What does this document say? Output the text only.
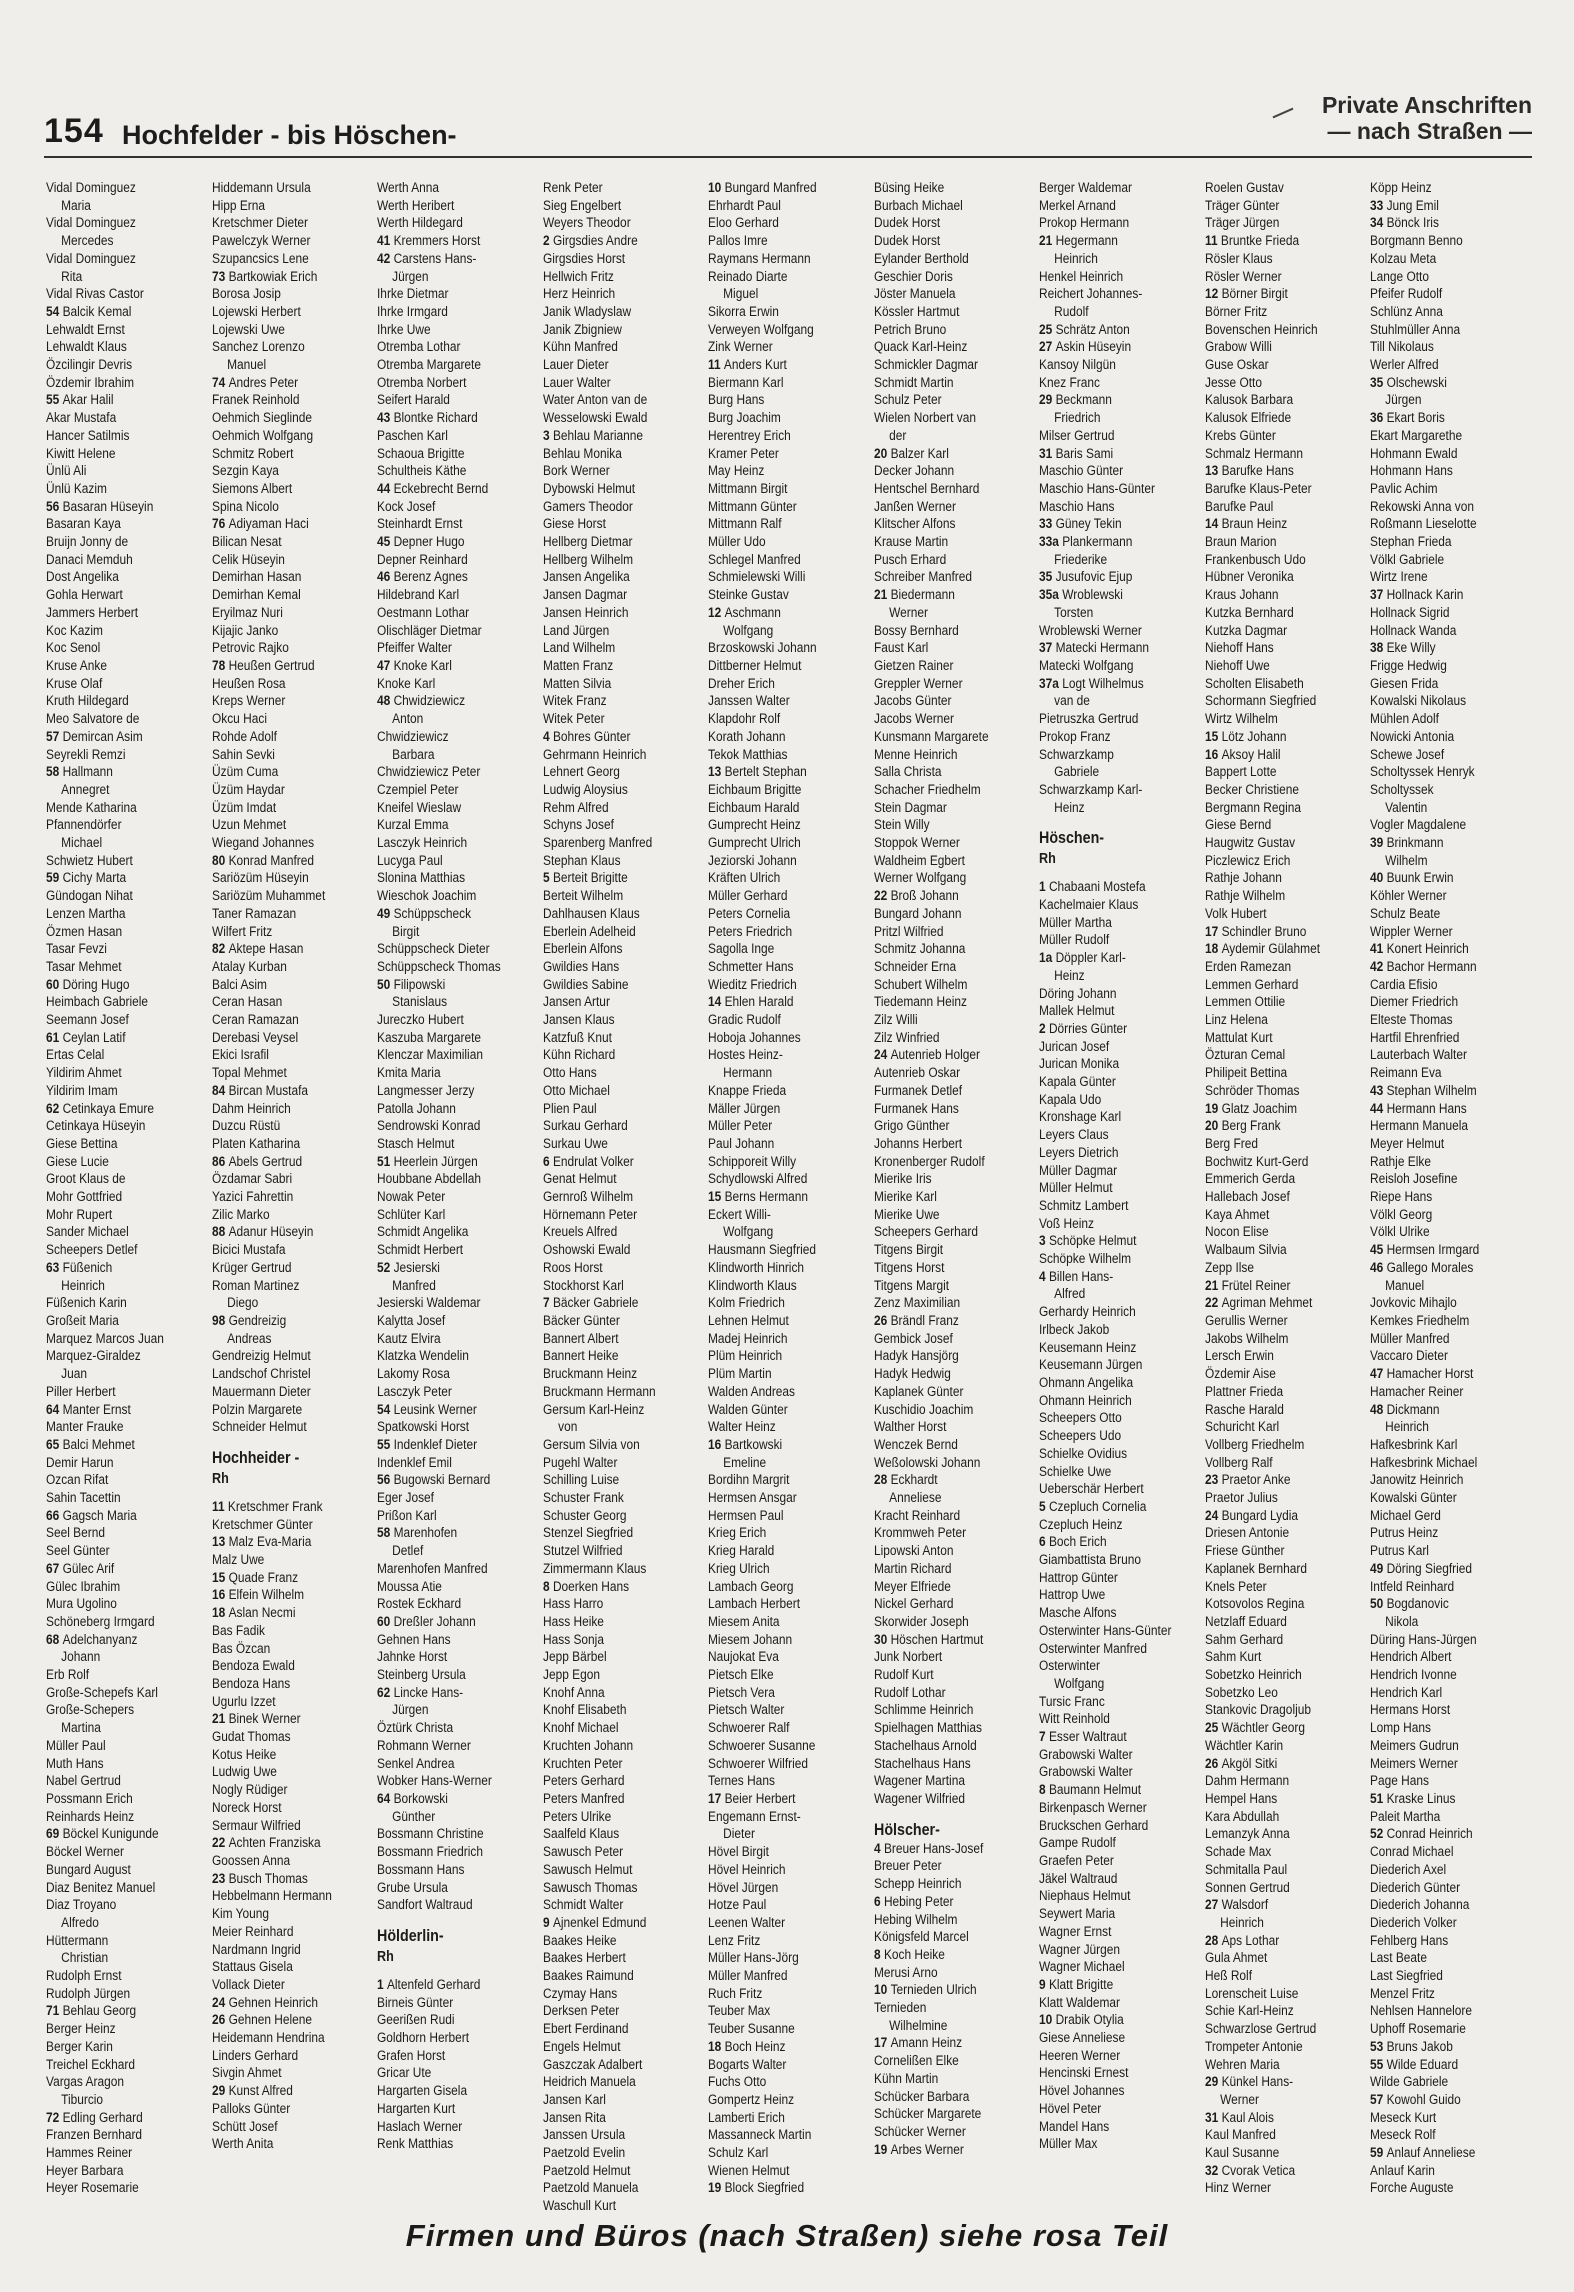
154 Hochfelder - bis Höschen-
Private Anschriften
— nach Straßen —
Vidal Dominguez
Maria
Vidal Dominguez
Mercedes
Vidal Dominguez
Rita
Vidal Rivas Castor
54 Balcik Kemal
Lehwaldt Ernst
Lehwaldt Klaus
Özcilingir Devris
Özdemir Ibrahim
55 Akar Halil
Akar Mustafa
Hancer Satilmis
Kiwitt Helene
Ünlü Ali
Ünlü Kazim
56 Basaran Hüseyin
Basaran Kaya
Bruijn Jonny de
Danaci Memduh
Dost Angelika
Gohla Herwart
Jammers Herbert
Koc Kazim
Koc Senol
Kruse Anke
Kruse Olaf
Kruth Hildegard
Meo Salvatore de
57 Demircan Asim
Seyrekli Remzi
58 Hallmann
Annegret
Mende Katharina
Pfannendörfer
Michael
Schwietz Hubert
59 Cichy Marta
Gündogan Nihat
Lenzen Martha
Özmen Hasan
Tasar Fevzi
Tasar Mehmet
60 Döring Hugo
Heimbach Gabriele
Seemann Josef
61 Ceylan Latif
Ertas Celal
Yildirim Ahmet
Yildirim Imam
62 Cetinkaya Emure
Cetinkaya Hüseyin
Giese Bettina
Giese Lucie
Groot Klaus de
Mohr Gottfried
Mohr Rupert
Sander Michael
Scheepers Detlef
63 Füßenich
Heinrich
Füßenich Karin
Großeit Maria
Marquez Marcos Juan
Marquez-Giraldez
Juan
Piller Herbert
64 Manter Ernst
Manter Frauke
65 Balci Mehmet
Demir Harun
Ozcan Rifat
Sahin Tacettin
66 Gagsch Maria
Seel Bernd
Seel Günter
67 Gülec Arif
Gülec Ibrahim
Mura Ugolino
Schöneberg Irmgard
68 Adelchanyanz
Johann
Erb Rolf
Große-Schepefs Karl
Große-Schepers
Martina
Müller Paul
Muth Hans
Nabel Gertrud
Possmann Erich
Reinhards Heinz
69 Böckel Kunigunde
Böckel Werner
Bungard August
Diaz Benitez Manuel
Diaz Troyano
Alfredo
Hüttermann
Christian
Rudolph Ernst
Rudolph Jürgen
71 Behlau Georg
Berger Heinz
Berger Karin
Treichel Eckhard
Vargas Aragon
Tiburcio
72 Edling Gerhard
Franzen Bernhard
Hammes Reiner
Heyer Barbara
Heyer Rosemarie
Hiddemann Ursula
Hipp Erna
Kretschmer Dieter
Pawelczyk Werner
Szupancsics Lene
73 Bartkowiak Erich
Borosa Josip
Lojewski Herbert
Lojewski Uwe
Sanchez Lorenzo
Manuel
74 Andres Peter
Franek Reinhold
Oehmich Sieglinde
Oehmich Wolfgang
Schmitz Robert
Sezgin Kaya
Siemons Albert
Spina Nicolo
76 Adiyaman Haci
Bilican Nesat
Celik Hüseyin
Demirhan Hasan
Demirhan Kemal
Eryilmaz Nuri
Kijajic Janko
Petrovic Rajko
78 Heußen Gertrud
Heußen Rosa
Kreps Werner
Okcu Haci
Rohde Adolf
Sahin Sevki
Üzüm Cuma
Üzüm Haydar
Üzüm Imdat
Uzun Mehmet
Wiegand Johannes
80 Konrad Manfred
Sariözüm Hüseyin
Sariözüm Muhammet
Taner Ramazan
Wilfert Fritz
82 Aktepe Hasan
Atalay Kurban
Balci Asim
Ceran Hasan
Ceran Ramazan
Derebasi Veysel
Ekici Israfil
Topal Mehmet
84 Bircan Mustafa
Dahm Heinrich
Duzcu Rüstü
Platen Katharina
86 Abels Gertrud
Özdamar Sabri
Yazici Fahrettin
Zilic Marko
88 Adanur Hüseyin
Bicici Mustafa
Krüger Gertrud
Roman Martinez
Diego
98 Gendreizig
Andreas
Gendreizig Helmut
Landschof Christel
Mauermann Dieter
Polzin Margarete
Schneider Helmut
Hochheider -
Rh
11 Kretschmer Frank
Kretschmer Günter
13 Malz Eva-Maria
Malz Uwe
15 Quade Franz
16 Elfein Wilhelm
18 Aslan Necmi
Bas Fadik
Bas Özcan
Bendoza Ewald
Bendoza Hans
Ugurlu Izzet
21 Binek Werner
Gudat Thomas
Kotus Heike
Ludwig Uwe
Nogly Rüdiger
Noreck Horst
Sermaur Wilfried
22 Achten Franziska
Goossen Anna
23 Busch Thomas
Hebbelmann Hermann
Kim Young
Meier Reinhard
Nardmann Ingrid
Stattaus Gisela
Vollack Dieter
24 Gehnen Heinrich
26 Gehnen Helene
Heidemann Hendrina
Linders Gerhard
Sivgin Ahmet
29 Kunst Alfred
Palloks Günter
Schütt Josef
Werth Anita
Werth Anna
Werth Heribert
Werth Hildegard
41 Kremmers Horst
42 Carstens Hans-
Jürgen
Ihrke Dietmar
Ihrke Irmgard
Ihrke Uwe
Otremba Lothar
Otremba Margarete
Otremba Norbert
Seifert Harald
43 Blontke Richard
Paschen Karl
Schaoua Brigitte
Schultheis Käthe
44 Eckebrecht Bernd
Kock Josef
Steinhardt Ernst
45 Depner Hugo
Depner Reinhard
46 Berenz Agnes
Hildebrand Karl
Oestmann Lothar
Olischläger Dietmar
Pfeiffer Walter
47 Knoke Karl
Knoke Karl
48 Chwidziewicz
Anton
Chwidziewicz
Barbara
Chwidziewicz Peter
Czempiel Peter
Kneifel Wieslaw
Kurzal Emma
Lasczyk Heinrich
Lucyga Paul
Slonina Matthias
Wieschok Joachim
49 Schüppscheck
Birgit
Schüppscheck Dieter
Schüppscheck Thomas
50 Filipowski
Stanislaus
Jureczko Hubert
Kaszuba Margarete
Klenczar Maximilian
Kmita Maria
Langmesser Jerzy
Patolla Johann
Sendrowski Konrad
Stasch Helmut
51 Heerlein Jürgen
Houbbane Abdellah
Nowak Peter
Schlüter Karl
Schmidt Angelika
Schmidt Herbert
52 Jesierski
Manfred
Jesierski Waldemar
Kalytta Josef
Kautz Elvira
Klatzka Wendelin
Lakomy Rosa
Lasczyk Peter
54 Leusink Werner
Spatkowski Horst
55 Indenklef Dieter
Indenklef Emil
56 Bugowski Bernard
Eger Josef
Prißon Karl
58 Marenhofen
Detlef
Marenhofen Manfred
Moussa Atie
Rostek Eckhard
60 Dreßler Johann
Gehnen Hans
Jahnke Horst
Steinberg Ursula
62 Lincke Hans-
Jürgen
Öztürk Christa
Rohmann Werner
Senkel Andrea
Wobker Hans-Werner
64 Borkowski
Günther
Bossmann Christine
Bossmann Friedrich
Bossmann Hans
Grube Ursula
Sandfort Waltraud
Hölderlin-
Rh
1 Altenfeld Gerhard
Birneis Günter
Geerißen Rudi
Goldhorn Herbert
Grafen Horst
Gricar Ute
Hargarten Gisela
Hargarten Kurt
Haslach Werner
Renk Matthias
Renk Peter
Sieg Engelbert
Weyers Theodor
2 Girgsdies Andre
Girgsdies Horst
Hellwich Fritz
Herz Heinrich
Janik Wladyslaw
Janik Zbigniew
Kühn Manfred
Lauer Dieter
Lauer Walter
Water Anton van de
Wesselowski Ewald
3 Behlau Marianne
Behlau Monika
Bork Werner
Dybowski Helmut
Gamers Theodor
Giese Horst
Hellberg Dietmar
Hellberg Wilhelm
Jansen Angelika
Jansen Dagmar
Jansen Heinrich
Land Jürgen
Land Wilhelm
Matten Franz
Matten Silvia
Witek Franz
Witek Peter
4 Bohres Günter
Gehrmann Heinrich
Lehnert Georg
Ludwig Aloysius
Rehm Alfred
Schyns Josef
Sparenberg Manfred
Stephan Klaus
5 Berteit Brigitte
Berteit Wilhelm
Dahlhausen Klaus
Eberlein Adelheid
Eberlein Alfons
Gwildies Hans
Gwildies Sabine
Jansen Artur
Jansen Klaus
Katzfuß Knut
Kühn Richard
Otto Hans
Otto Michael
Plien Paul
Surkau Gerhard
Surkau Uwe
6 Endrulat Volker
Genat Helmut
Gernroß Wilhelm
Hörnemann Peter
Kreuels Alfred
Oshowski Ewald
Roos Horst
Stockhorst Karl
7 Bäcker Gabriele
Bäcker Günter
Bannert Albert
Bannert Heike
Bruckmann Heinz
Bruckmann Hermann
Gersum Karl-Heinz
von
Gersum Silvia von
Pugehl Walter
Schilling Luise
Schuster Frank
Schuster Georg
Stenzel Siegfried
Stutzel Wilfried
Zimmermann Klaus
8 Doerken Hans
Hass Harro
Hass Heike
Hass Sonja
Jepp Bärbel
Jepp Egon
Knohf Anna
Knohf Elisabeth
Knohf Michael
Kruchten Johann
Kruchten Peter
Peters Gerhard
Peters Manfred
Peters Ulrike
Saalfeld Klaus
Sawusch Peter
Sawusch Helmut
Sawusch Thomas
Schmidt Walter
9 Ajnenkel Edmund
Baakes Heike
Baakes Herbert
Baakes Raimund
Czymay Hans
Derksen Peter
Ebert Ferdinand
Engels Helmut
Gaszczak Adalbert
Heidrich Manuela
Jansen Karl
Jansen Rita
Janssen Ursula
Paetzold Evelin
Paetzold Helmut
Paetzold Manuela
Waschull Kurt
10 Bungard Manfred
Ehrhardt Paul
Eloo Gerhard
Pallos Imre
Raymans Hermann
Reinado Diarte
Miguel
Sikorra Erwin
Verweyen Wolfgang
Zink Werner
11 Anders Kurt
Biermann Karl
Burg Hans
Burg Joachim
Herentrey Erich
Kramer Peter
May Heinz
Mittmann Birgit
Mittmann Günter
Mittmann Ralf
Müller Udo
Schlegel Manfred
Schmielewski Willi
Steinke Gustav
12 Aschmann
Wolfgang
Brzoskowski Johann
Dittberner Helmut
Dreher Erich
Janssen Walter
Klapdohr Rolf
Korath Johann
Tekok Matthias
13 Bertelt Stephan
Eichbaum Brigitte
Eichbaum Harald
Gumprecht Heinz
Gumprecht Ulrich
Jeziorski Johann
Kräften Ulrich
Müller Gerhard
Peters Cornelia
Peters Friedrich
Sagolla Inge
Schmetter Hans
Wieditz Friedrich
14 Ehlen Harald
Gradic Rudolf
Hoboja Johannes
Hostes Heinz-
Hermann
Knappe Frieda
Mäller Jürgen
Müller Peter
Paul Johann
Schipporeit Willy
Schydlowski Alfred
15 Berns Hermann
Eckert Willi-
Wolfgang
Hausmann Siegfried
Klindworth Hinrich
Klindworth Klaus
Kolm Friedrich
Lehnen Helmut
Madej Heinrich
Plüm Heinrich
Plüm Martin
Walden Andreas
Walden Günter
Walter Heinz
16 Bartkowski
Emeline
Bordihn Margrit
Hermsen Ansgar
Hermsen Paul
Krieg Erich
Krieg Harald
Krieg Ulrich
Lambach Georg
Lambach Herbert
Miesem Anita
Miesem Johann
Naujokat Eva
Pietsch Elke
Pietsch Vera
Pietsch Walter
Schwoerer Ralf
Schwoerer Susanne
Schwoerer Wilfried
Ternes Hans
17 Beier Herbert
Engemann Ernst-
Dieter
Hövel Birgit
Hövel Heinrich
Hövel Jürgen
Hotze Paul
Leenen Walter
Lenz Fritz
Müller Hans-Jörg
Müller Manfred
Ruch Fritz
Teuber Max
Teuber Susanne
18 Boch Heinz
Bogarts Walter
Fuchs Otto
Gompertz Heinz
Lamberti Erich
Massanneck Martin
Schulz Karl
Wienen Helmut
19 Block Siegfried
Büsing Heike
Burbach Michael
Dudek Horst
Dudek Horst
Eylander Berthold
Geschier Doris
Jöster Manuela
Kössler Hartmut
Petrich Bruno
Quack Karl-Heinz
Schmickler Dagmar
Schmidt Martin
Schulz Peter
Wielen Norbert van
der
20 Balzer Karl
Decker Johann
Hentschel Bernhard
Janßen Werner
Klitscher Alfons
Krause Martin
Pusch Erhard
Schreiber Manfred
21 Biedermann
Werner
Bossy Bernhard
Faust Karl
Gietzen Rainer
Greppler Werner
Jacobs Günter
Jacobs Werner
Kunsmann Margarete
Menne Heinrich
Salla Christa
Schacher Friedhelm
Stein Dagmar
Stein Willy
Stoppok Werner
Waldheim Egbert
Werner Wolfgang
22 Broß Johann
Bungard Johann
Pritzl Wilfried
Schmitz Johanna
Schneider Erna
Schubert Wilhelm
Tiedemann Heinz
Zilz Willi
Zilz Winfried
24 Autenrieb Holger
Autenrieb Oskar
Furmanek Detlef
Furmanek Hans
Grigo Günther
Johanns Herbert
Kronenberger Rudolf
Mierike Iris
Mierike Karl
Mierike Uwe
Scheepers Gerhard
Titgens Birgit
Titgens Horst
Titgens Margit
Zenz Maximilian
26 Brändl Franz
Gembick Josef
Hadyk Hansjörg
Hadyk Hedwig
Kaplanek Günter
Kuschidio Joachim
Walther Horst
Wenczek Bernd
Weßolowski Johann
28 Eckhardt
Anneliese
Kracht Reinhard
Krommweh Peter
Lipowski Anton
Martin Richard
Meyer Elfriede
Nickel Gerhard
Skorwider Joseph
30 Höschen Hartmut
Junk Norbert
Rudolf Kurt
Rudolf Lothar
Schlimme Heinrich
Spielhagen Matthias
Stachelhaus Arnold
Stachelhaus Hans
Wagener Martina
Wagener Wilfried
Hölscher-
4 Breuer Hans-Josef
Breuer Peter
Schepp Heinrich
6 Hebing Peter
Hebing Wilhelm
Königsfeld Marcel
8 Koch Heike
Merusi Arno
10 Ternieden Ulrich
Ternieden
Wilhelmine
17 Amann Heinz
Cornelißen Elke
Kühn Martin
Schücker Barbara
Schücker Margarete
Schücker Werner
19 Arbes Werner
Berger Waldemar
Merkel Arnand
Prokop Hermann
21 Hegermann
Heinrich
Henkel Heinrich
Reichert Johannes-
Rudolf
25 Schrätz Anton
27 Askin Hüseyin
Kansoy Nilgün
Knez Franc
29 Beckmann
Friedrich
Milser Gertrud
31 Baris Sami
Maschio Günter
Maschio Hans-Günter
Maschio Hans
33 Güney Tekin
33a Plankermann
Friederike
35 Jusufovic Ejup
35a Wroblewski
Torsten
Wroblewski Werner
37 Matecki Hermann
Matecki Wolfgang
37a Logt Wilhelmus
van de
Pietruszka Gertrud
Prokop Franz
Schwarzkamp
Gabriele
Schwarzkamp Karl-
Heinz
Höschen-
Rh
1 Chabaani Mostefa
Kachelmaier Klaus
Müller Martha
Müller Rudolf
1a Döppler Karl-
Heinz
Döring Johann
Mallek Helmut
2 Dörries Günter
Jurican Josef
Jurican Monika
Kapala Günter
Kapala Udo
Kronshage Karl
Leyers Claus
Leyers Dietrich
Müller Dagmar
Müller Helmut
Schmitz Lambert
Voß Heinz
3 Schöpke Helmut
Schöpke Wilhelm
4 Billen Hans-
Alfred
Gerhardy Heinrich
Irlbeck Jakob
Keusemann Heinz
Keusemann Jürgen
Ohmann Angelika
Ohmann Heinrich
Scheepers Otto
Scheepers Udo
Schielke Ovidius
Schielke Uwe
Ueberschär Herbert
5 Czepluch Cornelia
Czepluch Heinz
6 Boch Erich
Giambattista Bruno
Hattrop Günter
Hattrop Uwe
Masche Alfons
Osterwinter Hans-Günter
Osterwinter Manfred
Osterwinter
Wolfgang
Tursic Franc
Witt Reinhold
7 Esser Waltraut
Grabowski Walter
Grabowski Walter
8 Baumann Helmut
Birkenpasch Werner
Bruckschen Gerhard
Gampe Rudolf
Graefen Peter
Jäkel Waltraud
Niephaus Helmut
Seywert Maria
Wagner Ernst
Wagner Jürgen
Wagner Michael
9 Klatt Brigitte
Klatt Waldemar
10 Drabik Otylia
Giese Anneliese
Heeren Werner
Hencinski Ernest
Hövel Johannes
Hövel Peter
Mandel Hans
Müller Max
Roelen Gustav
Träger Günter
Träger Jürgen
11 Bruntke Frieda
Rösler Klaus
Rösler Werner
12 Börner Birgit
Börner Fritz
Bovenschen Heinrich
Grabow Willi
Guse Oskar
Jesse Otto
Kalusok Barbara
Kalusok Elfriede
Krebs Günter
Schmalz Hermann
13 Barufke Hans
Barufke Klaus-Peter
Barufke Paul
14 Braun Heinz
Braun Marion
Frankenbusch Udo
Hübner Veronika
Kraus Johann
Kutzka Bernhard
Kutzka Dagmar
Niehoff Hans
Niehoff Uwe
Scholten Elisabeth
Schormann Siegfried
Wirtz Wilhelm
15 Lötz Johann
16 Aksoy Halil
Bappert Lotte
Becker Christiene
Bergmann Regina
Giese Bernd
Haugwitz Gustav
Piczlewicz Erich
Rathje Johann
Rathje Wilhelm
Volk Hubert
17 Schindler Bruno
18 Aydemir Gülahmet
Erden Ramezan
Lemmen Gerhard
Lemmen Ottilie
Linz Helena
Mattulat Kurt
Özturan Cemal
Philipeit Bettina
Schröder Thomas
19 Glatz Joachim
20 Berg Frank
Berg Fred
Bochwitz Kurt-Gerd
Emmerich Gerda
Hallebach Josef
Kaya Ahmet
Nocon Elise
Walbaum Silvia
Zepp Ilse
21 Frütel Reiner
22 Agriman Mehmet
Gerullis Werner
Jakobs Wilhelm
Lersch Erwin
Özdemir Aise
Plattner Frieda
Rasche Harald
Schuricht Karl
Vollberg Friedhelm
Vollberg Ralf
23 Praetor Anke
Praetor Julius
24 Bungard Lydia
Driesen Antonie
Friese Günther
Kaplanek Bernhard
Knels Peter
Kotsovolos Regina
Netzlaff Eduard
Sahm Gerhard
Sahm Kurt
Sobetzko Heinrich
Sobetzko Leo
Stankovic Dragoljub
25 Wächtler Georg
Wächtler Karin
26 Akgöl Sitki
Dahm Hermann
Hempel Hans
Kara Abdullah
Lemanzyk Anna
Schade Max
Schmitalla Paul
Sonnen Gertrud
27 Walsdorf
Heinrich
28 Aps Lothar
Gula Ahmet
Heß Rolf
Lorenscheit Luise
Schie Karl-Heinz
Schwarzlose Gertrud
Trompeter Antonie
Wehren Maria
29 Künkel Hans-
Werner
31 Kaul Alois
Kaul Manfred
Kaul Susanne
32 Cvorak Vetica
Hinz Werner
Köpp Heinz
33 Jung Emil
34 Bönck Iris
Borgmann Benno
Kolzau Meta
Lange Otto
Pfeifer Rudolf
Schlünz Anna
Stuhlmüller Anna
Till Nikolaus
Werler Alfred
35 Olschewski
Jürgen
36 Ekart Boris
Ekart Margarethe
Hohmann Ewald
Hohmann Hans
Pavlic Achim
Rekowski Anna von
Roßmann Lieselotte
Stephan Frieda
Völkl Gabriele
Wirtz Irene
37 Hollnack Karin
Hollnack Sigrid
Hollnack Wanda
38 Eke Willy
Frigge Hedwig
Giesen Frida
Kowalski Nikolaus
Mühlen Adolf
Nowicki Antonia
Schewe Josef
Scholtyssek Henryk
Scholtyssek
Valentin
Vogler Magdalene
39 Brinkmann
Wilhelm
40 Buunk Erwin
Köhler Werner
Schulz Beate
Wippler Werner
41 Konert Heinrich
42 Bachor Hermann
Cardia Efisio
Diemer Friedrich
Elteste Thomas
Hartfil Ehrenfried
Lauterbach Walter
Reimann Eva
43 Stephan Wilhelm
44 Hermann Hans
Hermann Manuela
Meyer Helmut
Rathje Elke
Reisloh Josefine
Riepe Hans
Völkl Georg
Völkl Ulrike
45 Hermsen Irmgard
46 Gallego Morales
Manuel
Jovkovic Mihajlo
Kemkes Friedhelm
Müller Manfred
Vaccaro Dieter
47 Hamacher Horst
Hamacher Reiner
48 Dickmann
Heinrich
Hafkesbrink Karl
Hafkesbrink Michael
Janowitz Heinrich
Kowalski Günter
Michael Gerd
Putrus Heinz
Putrus Karl
49 Döring Siegfried
Intfeld Reinhard
50 Bogdanovic
Nikola
Düring Hans-Jürgen
Hendrich Albert
Hendrich Ivonne
Hendrich Karl
Hermans Horst
Lomp Hans
Meimers Gudrun
Meimers Werner
Page Hans
51 Kraske Linus
Paleit Martha
52 Conrad Heinrich
Conrad Michael
Diederich Axel
Diederich Günter
Diederich Johanna
Diederich Volker
Fehlberg Hans
Last Beate
Last Siegfried
Menzel Fritz
Nehlsen Hannelore
Uphoff Rosemarie
53 Bruns Jakob
55 Wilde Eduard
Wilde Gabriele
57 Kowohl Guido
Meseck Kurt
Meseck Rolf
59 Anlauf Anneliese
Anlauf Karin
Forche Auguste
Firmen und Büros (nach Straßen) siehe rosa Teil
